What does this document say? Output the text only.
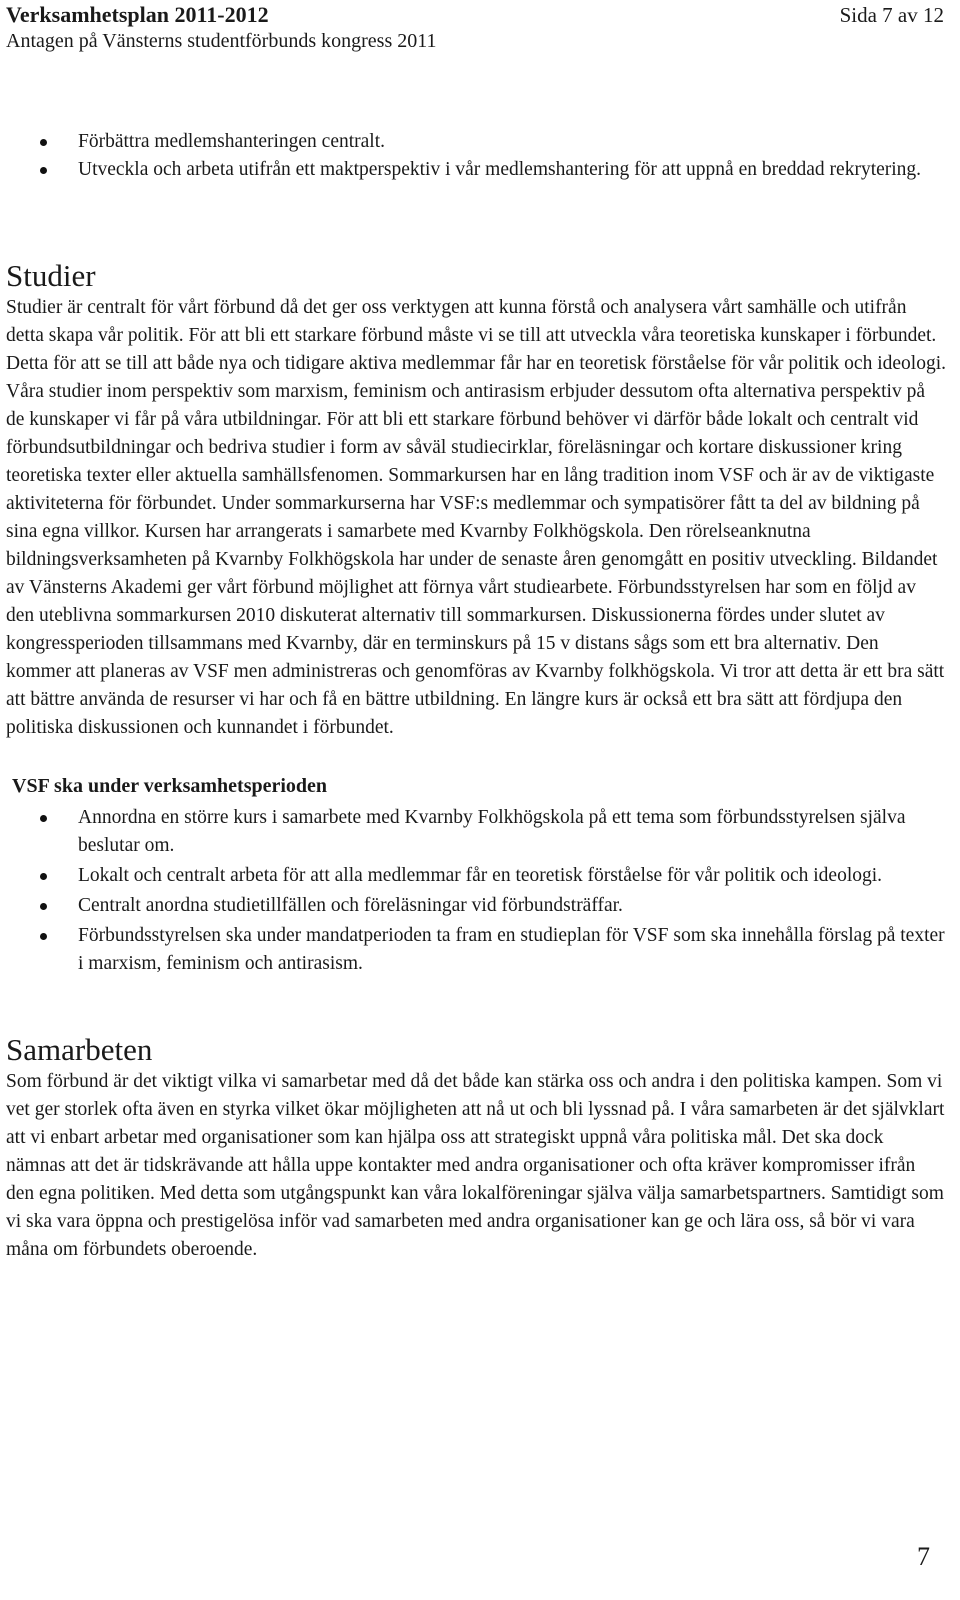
Verksamhetsplan 2011-2012	Sida 7 av 12
Antagen på Vänsterns studentförbunds kongress 2011
Förbättra medlemshanteringen centralt.
Utveckla och arbeta utifrån ett maktperspektiv i vår medlemshantering för att uppnå en breddad rekrytering.
Studier

Studier är centralt för vårt förbund då det ger oss verktygen att kunna förstå och analysera vårt samhälle och utifrån detta skapa vår politik. För att bli ett starkare förbund måste vi se till att utveckla våra teoretiska kunskaper i förbundet. Detta för att se till att både nya och tidigare aktiva medlemmar får har en teoretisk förståelse för vår politik och ideologi. Våra studier inom perspektiv som marxism, feminism och antirasism erbjuder dessutom ofta alternativa perspektiv på de kunskaper vi får på våra utbildningar. För att bli ett starkare förbund behöver vi därför både lokalt och centralt vid förbundsutbildningar och bedriva studier i form av såväl studiecirklar, föreläsningar och kortare diskussioner kring teoretiska texter eller aktuella samhällsfenomen. Sommarkursen har en lång tradition inom VSF och är av de viktigaste aktiviteterna för förbundet. Under sommarkurserna har VSF:s medlemmar och sympatisörer fått ta del av bildning på sina egna villkor. Kursen har arrangerats i samarbete med Kvarnby Folkhögskola. Den rörelseanknutna bildningsverksamheten på Kvarnby Folkhögskola har under de senaste åren genomgått en positiv utveckling. Bildandet av Vänsterns Akademi ger vårt förbund möjlighet att förnya vårt studiearbete. Förbundsstyrelsen har som en följd av den uteblivna sommarkursen 2010 diskuterat alternativ till sommarkursen. Diskussionerna fördes under slutet av kongressperioden tillsammans med Kvarnby, där en terminskurs på 15 v distans sågs som ett bra alternativ. Den kommer att planeras av VSF men administreras och genomföras av Kvarnby folkhögskola. Vi tror att detta är ett bra sätt att bättre använda de resurser vi har och få en bättre utbildning. En längre kurs är också ett bra sätt att fördjupa den politiska diskussionen och kunnandet i förbundet.

VSF ska under verksamhetsperioden
Annordna en större kurs i samarbete med Kvarnby Folkhögskola på ett tema som förbundsstyrelsen själva beslutar om.
Lokalt och centralt arbeta för att alla medlemmar får en teoretisk förståelse för vår politik och ideologi.
Centralt anordna studietillfällen och föreläsningar vid förbundsträffar.
Förbundsstyrelsen ska under mandatperioden ta fram en studieplan för VSF som ska innehålla förslag på texter i marxism, feminism och antirasism.
Samarbeten

Som förbund är det viktigt vilka vi samarbetar med då det både kan stärka oss och andra i den politiska kampen. Som vi vet ger storlek ofta även en styrka vilket ökar möjligheten att nå ut och bli lyssnad på. I våra samarbeten är det självklart att vi enbart arbetar med organisationer som kan hjälpa oss att strategiskt uppnå våra politiska mål. Det ska dock nämnas att det är tidskrävande att hålla uppe kontakter med andra organisationer och ofta kräver kompromisser ifrån den egna politiken. Med detta som utgångspunkt kan våra lokalföreningar själva välja samarbetspartners. Samtidigt som vi ska vara öppna och prestigelösa inför vad samarbeten med andra organisationer kan ge och lära oss, så bör vi vara måna om förbundets oberoende.

7
